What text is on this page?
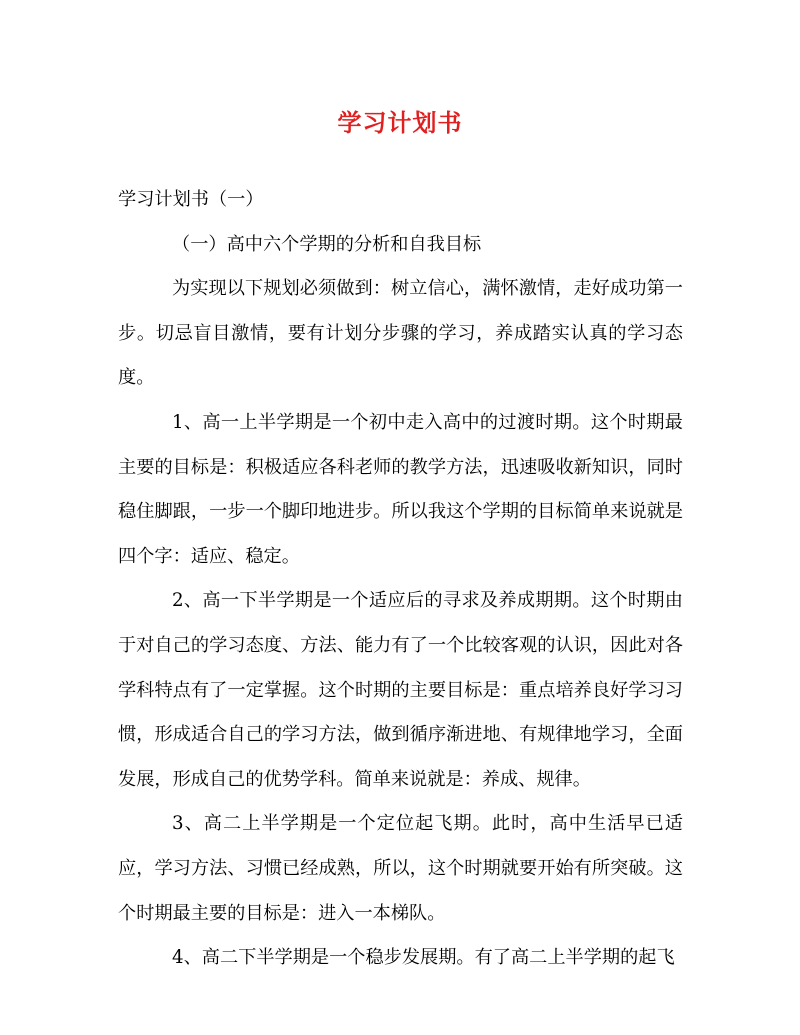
学习计划书

学习计划书（一）

（一）高中六个学期的分析和自我目标

为实现以下规划必须做到：树立信心，满怀激情，走好成功第一步。切忌盲目激情，要有计划分步骤的学习，养成踏实认真的学习态度。

1、高一上半学期是一个初中走入高中的过渡时期。这个时期最主要的目标是：积极适应各科老师的教学方法，迅速吸收新知识，同时稳住脚跟，一步一个脚印地进步。所以我这个学期的目标简单来说就是四个字：适应、稳定。

2、高一下半学期是一个适应后的寻求及养成期期。这个时期由于对自己的学习态度、方法、能力有了一个比较客观的认识，因此对各学科特点有了一定掌握。这个时期的主要目标是：重点培养良好学习习惯，形成适合自己的学习方法，做到循序渐进地、有规律地学习，全面发展，形成自己的优势学科。简单来说就是：养成、规律。

3、高二上半学期是一个定位起飞期。此时，高中生活早已适应，学习方法、习惯已经成熟，所以，这个时期就要开始有所突破。这个时期最主要的目标是：进入一本梯队。

4、高二下半学期是一个稳步发展期。有了高二上半学期的起飞
